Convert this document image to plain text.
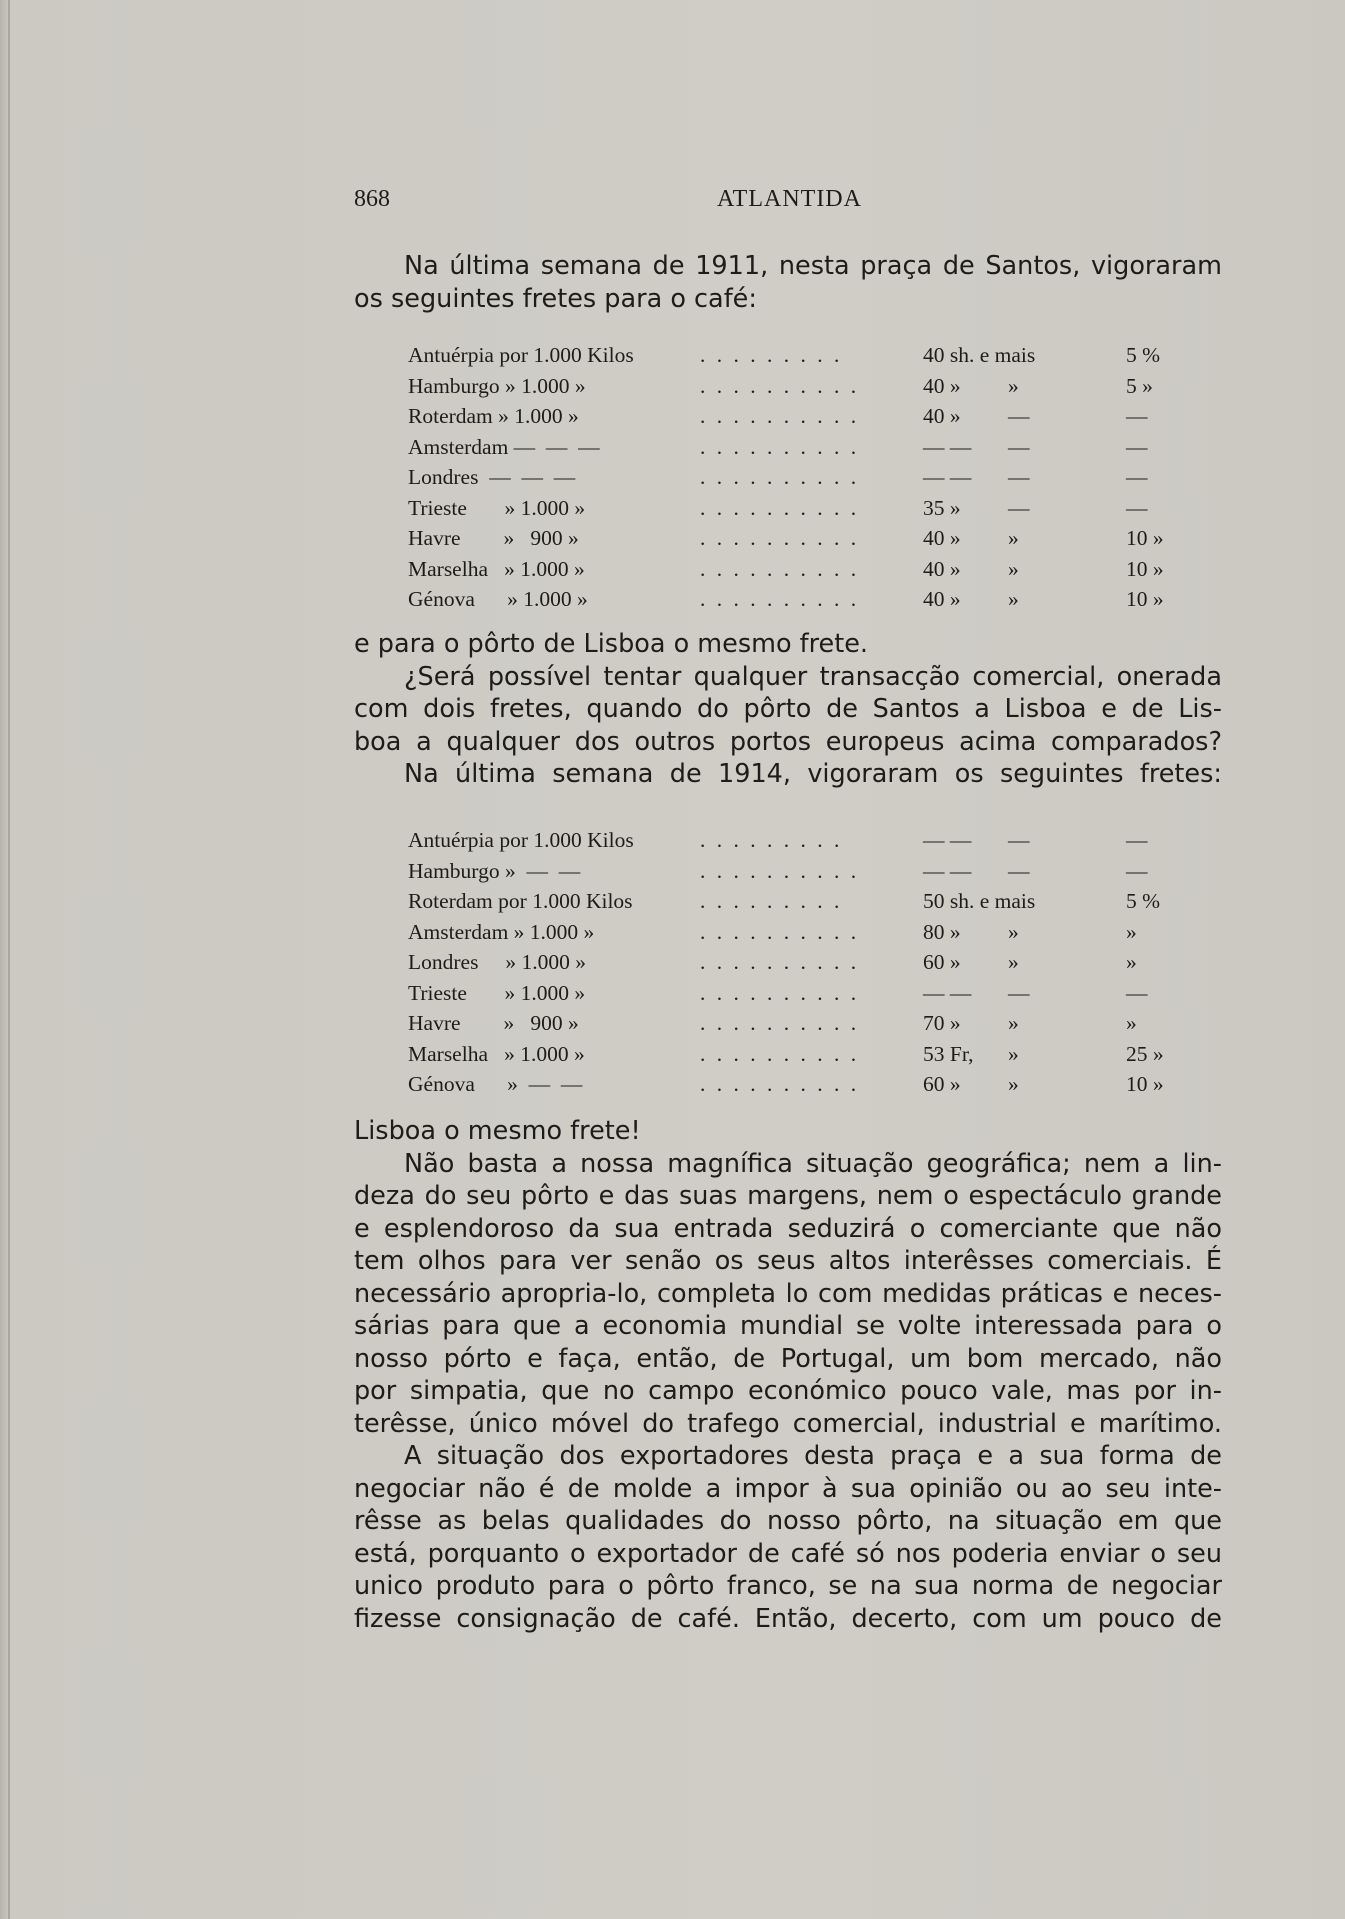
868	ATLANTIDA
Na última semana de 1911, nesta praça de Santos, vigoraram
os seguintes fretes para o café:
Antuérpia por 1.000 Kilos	. . . . . . . . .	40 sh. e mais	5 %
Hamburgo » 1.000 »	. . . . . . . . . .	40 » »	5 »
Roterdam » 1.000 »	. . . . . . . . . .	40 » —	—
Amsterdam —  —  —	. . . . . . . . . .	— — —	—
Londres  —  —  —	. . . . . . . . . .	— — —	—
Trieste       » 1.000 »	. . . . . . . . . .	35 » —	—
Havre        »   900 »	. . . . . . . . . .	40 » »	10 »
Marselha   » 1.000 »	. . . . . . . . . .	40 » »	10 »
Génova      » 1.000 »	. . . . . . . . . .	40 » »	10 »
e para o pôrto de Lisboa o mesmo frete.
¿Será possível tentar qualquer transacção comercial, onerada
com dois fretes, quando do pôrto de Santos a Lisboa e de Lis-
boa a qualquer dos outros portos europeus acima comparados?
Na última semana de 1914, vigoraram os seguintes fretes:
Antuérpia por 1.000 Kilos	. . . . . . . . .	— — —	—
Hamburgo »  —  —	. . . . . . . . . .	— — —	—
Roterdam por 1.000 Kilos	. . . . . . . . .	50 sh. e mais	5 %
Amsterdam » 1.000 »	. . . . . . . . . .	80 » »	»
Londres     » 1.000 »	. . . . . . . . . .	60 » »	»
Trieste       » 1.000 »	. . . . . . . . . .	— — —	—
Havre        »   900 »	. . . . . . . . . .	70 » »	»
Marselha   » 1.000 »	. . . . . . . . . .	53 Fr, »	25 »
Génova      »  —  —	. . . . . . . . . .	60 » »	10 »
Lisboa o mesmo frete!
Não basta a nossa magnífica situação geográfica; nem a lin-
deza do seu pôrto e das suas margens, nem o espectáculo grande
e esplendoroso da sua entrada seduzirá o comerciante que não
tem olhos para ver senão os seus altos interêsses comerciais. É
necessário apropria-lo, completa lo com medidas práticas e neces-
sárias para que a economia mundial se volte interessada para o
nosso pórto e faça, então, de Portugal, um bom mercado, não
por simpatia, que no campo económico pouco vale, mas por in-
terêsse, único móvel do trafego comercial, industrial e marítimo.
A situação dos exportadores desta praça e a sua forma de
negociar não é de molde a impor à sua opinião ou ao seu inte-
rêsse as belas qualidades do nosso pôrto, na situação em que
está, porquanto o exportador de café só nos poderia enviar o seu
unico produto para o pôrto franco, se na sua norma de negociar
fizesse consignação de café. Então, decerto, com um pouco de
